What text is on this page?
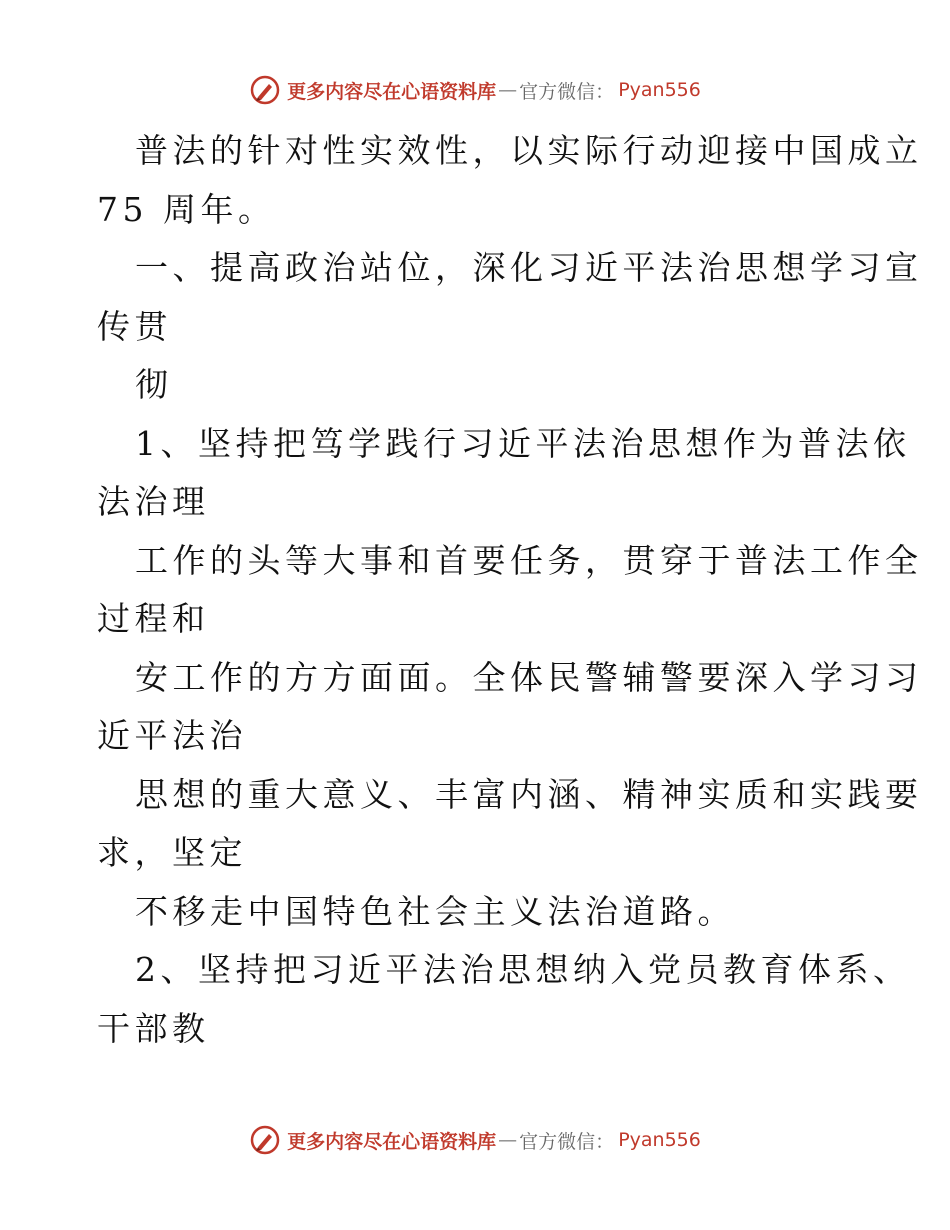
更多内容尽在心语资料库 — 官方微信： Pyan556
普法的针对性实效性，以实际行动迎接中国成立
75 周年。
一、提高政治站位，深化习近平法治思想学习宣
传贯
彻
1、坚持把笃学践行习近平法治思想作为普法依
法治理
工作的头等大事和首要任务，贯穿于普法工作全
过程和
安工作的方方面面。全体民警辅警要深入学习习
近平法治
思想的重大意义、丰富内涵、精神实质和实践要
求，坚定
不移走中国特色社会主义法治道路。
2、坚持把习近平法治思想纳入党员教育体系、
干部教
更多内容尽在心语资料库 — 官方微信： Pyan556
